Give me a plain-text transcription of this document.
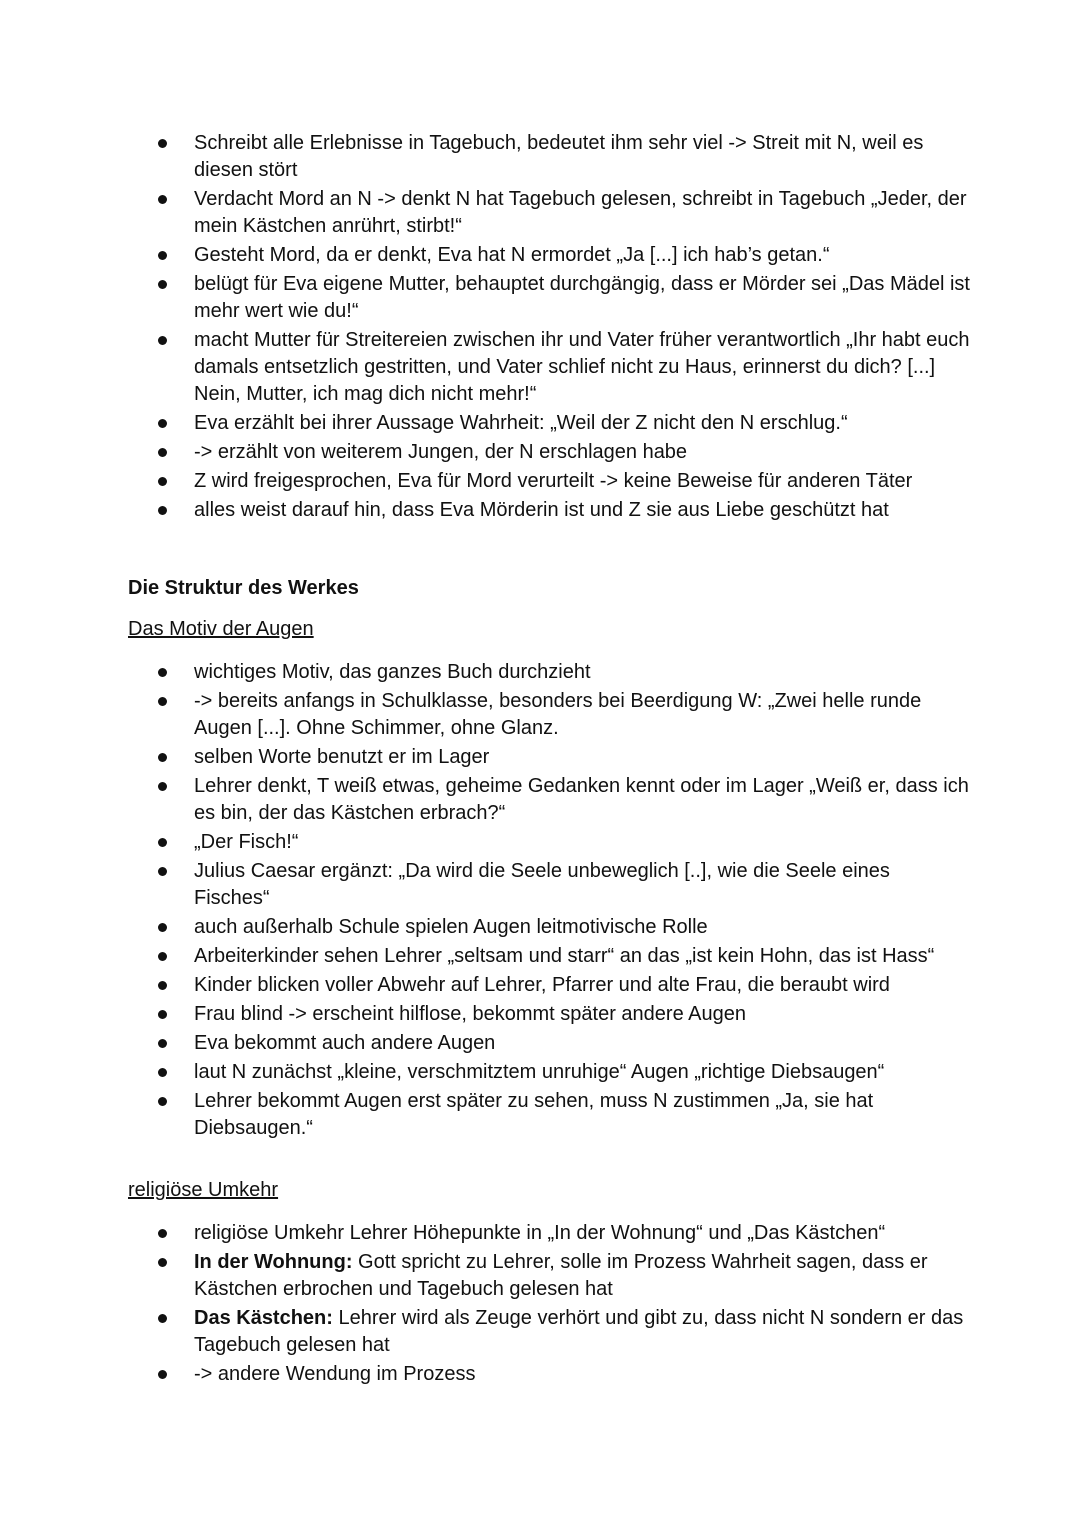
Schreibt alle Erlebnisse in Tagebuch, bedeutet ihm sehr viel -> Streit mit N, weil es diesen stört
Verdacht Mord an N -> denkt N hat Tagebuch gelesen, schreibt in Tagebuch „Jeder, der mein Kästchen anrührt, stirbt!“
Gesteht Mord, da er denkt, Eva hat N ermordet „Ja [...] ich hab’s getan.“
belügt für Eva eigene Mutter, behauptet durchgängig, dass er Mörder sei „Das Mädel ist mehr wert wie du!“
macht Mutter für Streitereien zwischen ihr und Vater früher verantwortlich „Ihr habt euch damals entsetzlich gestritten, und Vater schlief nicht zu Haus, erinnerst du dich? [...] Nein, Mutter, ich mag dich nicht mehr!“
Eva erzählt bei ihrer Aussage Wahrheit: „Weil der Z nicht den N erschlug.“
-> erzählt von weiterem Jungen, der N erschlagen habe
Z wird freigesprochen, Eva für Mord verurteilt -> keine Beweise für anderen Täter
alles weist darauf hin, dass Eva Mörderin ist und Z sie aus Liebe geschützt hat
Die Struktur des Werkes
Das Motiv der Augen
wichtiges Motiv, das ganzes Buch durchzieht
-> bereits anfangs in Schulklasse, besonders bei Beerdigung W: „Zwei helle runde Augen [...]. Ohne Schimmer, ohne Glanz.
selben Worte benutzt er im Lager
Lehrer denkt, T weiß etwas, geheime Gedanken kennt oder im Lager „Weiß er, dass ich es bin, der das Kästchen erbrach?“
„Der Fisch!“
Julius Caesar ergänzt: „Da wird die Seele unbeweglich [..], wie die Seele eines Fisches“
auch außerhalb Schule spielen Augen leitmotivische Rolle
Arbeiterkinder sehen Lehrer „seltsam und starr“ an das „ist kein Hohn, das ist Hass“
Kinder blicken voller Abwehr auf Lehrer, Pfarrer und alte Frau, die beraubt wird
Frau blind -> erscheint hilflose, bekommt später andere Augen
Eva bekommt auch andere Augen
laut N zunächst „kleine, verschmitztem unruhige“ Augen „richtige Diebsaugen“
Lehrer bekommt Augen erst später zu sehen, muss N zustimmen „Ja, sie hat Diebsaugen.“
religiöse Umkehr
religiöse Umkehr Lehrer Höhepunkte in „In der Wohnung“ und „Das Kästchen“
In der Wohnung: Gott spricht zu Lehrer, solle im Prozess Wahrheit sagen, dass er Kästchen erbrochen und Tagebuch gelesen hat
Das Kästchen: Lehrer wird als Zeuge verhört und gibt zu, dass nicht N sondern er das Tagebuch gelesen hat
-> andere Wendung im Prozess
